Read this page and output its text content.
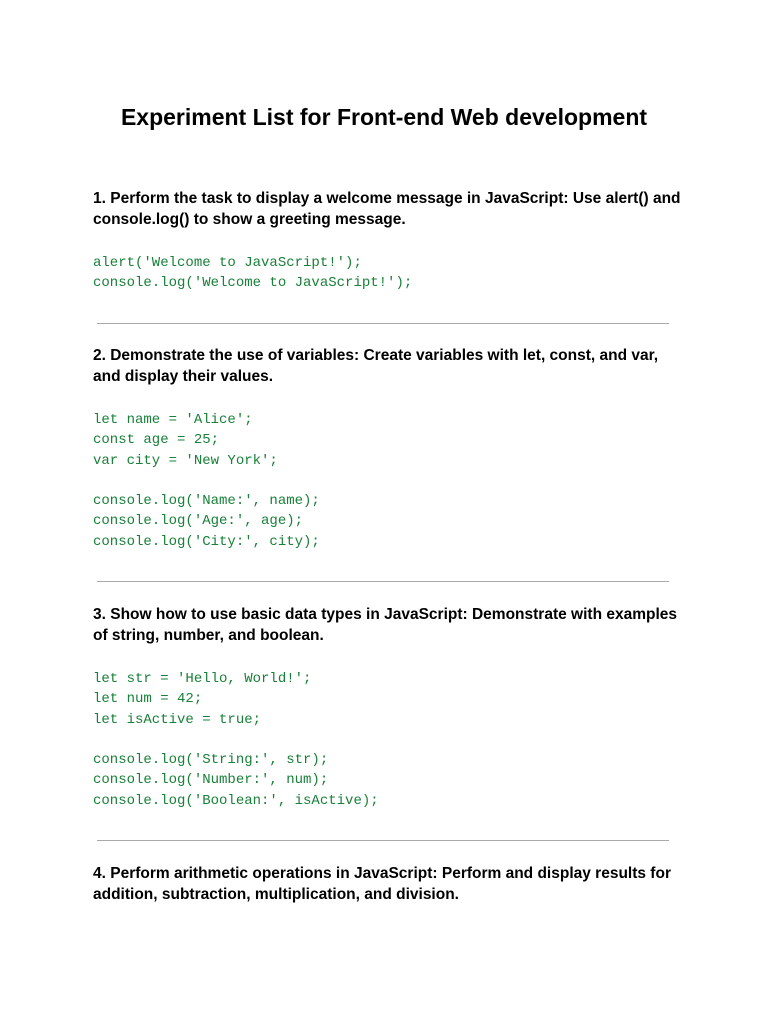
Experiment List for Front-end Web development

1. Perform the task to display a welcome message in JavaScript: Use alert() and console.log() to show a greeting message.

alert('Welcome to JavaScript!');
console.log('Welcome to JavaScript!');

2. Demonstrate the use of variables: Create variables with let, const, and var, and display their values.

let name = 'Alice';
const age = 25;
var city = 'New York';
console.log('Name:', name);
console.log('Age:', age);
console.log('City:', city);

3. Show how to use basic data types in JavaScript: Demonstrate with examples of string, number, and boolean.

let str = 'Hello, World!';
let num = 42;
let isActive = true;
console.log('String:', str);
console.log('Number:', num);
console.log('Boolean:', isActive);

4. Perform arithmetic operations in JavaScript: Perform and display results for addition, subtraction, multiplication, and division.
